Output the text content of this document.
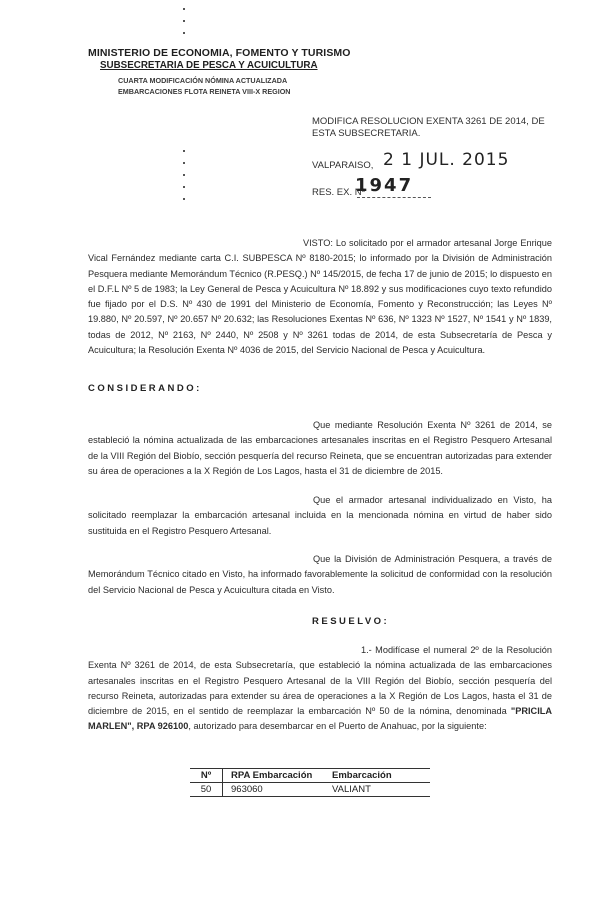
MINISTERIO DE ECONOMIA, FOMENTO Y TURISMO
SUBSECRETARIA DE PESCA Y ACUICULTURA
CUARTA MODIFICACIÓN NÓMINA ACTUALIZADA
EMBARCACIONES FLOTA REINETA VIII-X REGION
MODIFICA RESOLUCION EXENTA 3261 DE 2014, DE ESTA SUBSECRETARIA.
VALPARAISO, 2 1 JUL. 2015
RES. EX. Nº
1947

VISTO: Lo solicitado por el armador artesanal Jorge Enrique Vical Fernández mediante carta C.I. SUBPESCA Nº 8180-2015; lo informado por la División de Administración Pesquera mediante Memorándum Técnico (R.PESQ.) Nº 145/2015, de fecha 17 de junio de 2015; lo dispuesto en el D.F.L Nº 5 de 1983; la Ley General de Pesca y Acuicultura Nº 18.892 y sus modificaciones cuyo texto refundido fue fijado por el D.S. Nº 430 de 1991 del Ministerio de Economía, Fomento y Reconstrucción; las Leyes Nº 19.880, Nº 20.597, Nº 20.657 Nº 20.632; las Resoluciones Exentas Nº 636, Nº 1323 Nº 1527, Nº 1541 y Nº 1839, todas de 2012, Nº 2163, Nº 2440, Nº 2508 y Nº 3261 todas de 2014, de esta Subsecretaría de Pesca y Acuicultura; la Resolución Exenta Nº 4036 de 2015, del Servicio Nacional de Pesca y Acuicultura.

CONSIDERANDO:

Que mediante Resolución Exenta Nº 3261 de 2014, se estableció la nómina actualizada de las embarcaciones artesanales inscritas en el Registro Pesquero Artesanal de la VIII Región del Biobío, sección pesquería del recurso Reineta, que se encuentran autorizadas para extender su área de operaciones a la X Región de Los Lagos, hasta el 31 de diciembre de 2015.

Que el armador artesanal individualizado en Visto, ha solicitado reemplazar la embarcación artesanal incluida en la mencionada nómina en virtud de haber sido sustituida en el Registro Pesquero Artesanal.

Que la División de Administración Pesquera, a través de Memorándum Técnico citado en Visto, ha informado favorablemente la solicitud de conformidad con la resolución del Servicio Nacional de Pesca y Acuicultura citada en Visto.

RESUELVO:

1.- Modifícase el numeral 2º de la Resolución Exenta Nº 3261 de 2014, de esta Subsecretaría, que estableció la nómina actualizada de las embarcaciones artesanales inscritas en el Registro Pesquero Artesanal de la VIII Región del Biobío, sección pesquería del recurso Reineta, autorizadas para extender su área de operaciones a la X Región de Los Lagos, hasta el 31 de diciembre de 2015, en el sentido de reemplazar la embarcación Nº 50 de la nómina, denominada "PRICILA MARLEN", RPA 926100, autorizado para desembarcar en el Puerto de Anahuac, por la siguiente:

Nº	RPA Embarcación	Embarcación
50	963060	VALIANT
